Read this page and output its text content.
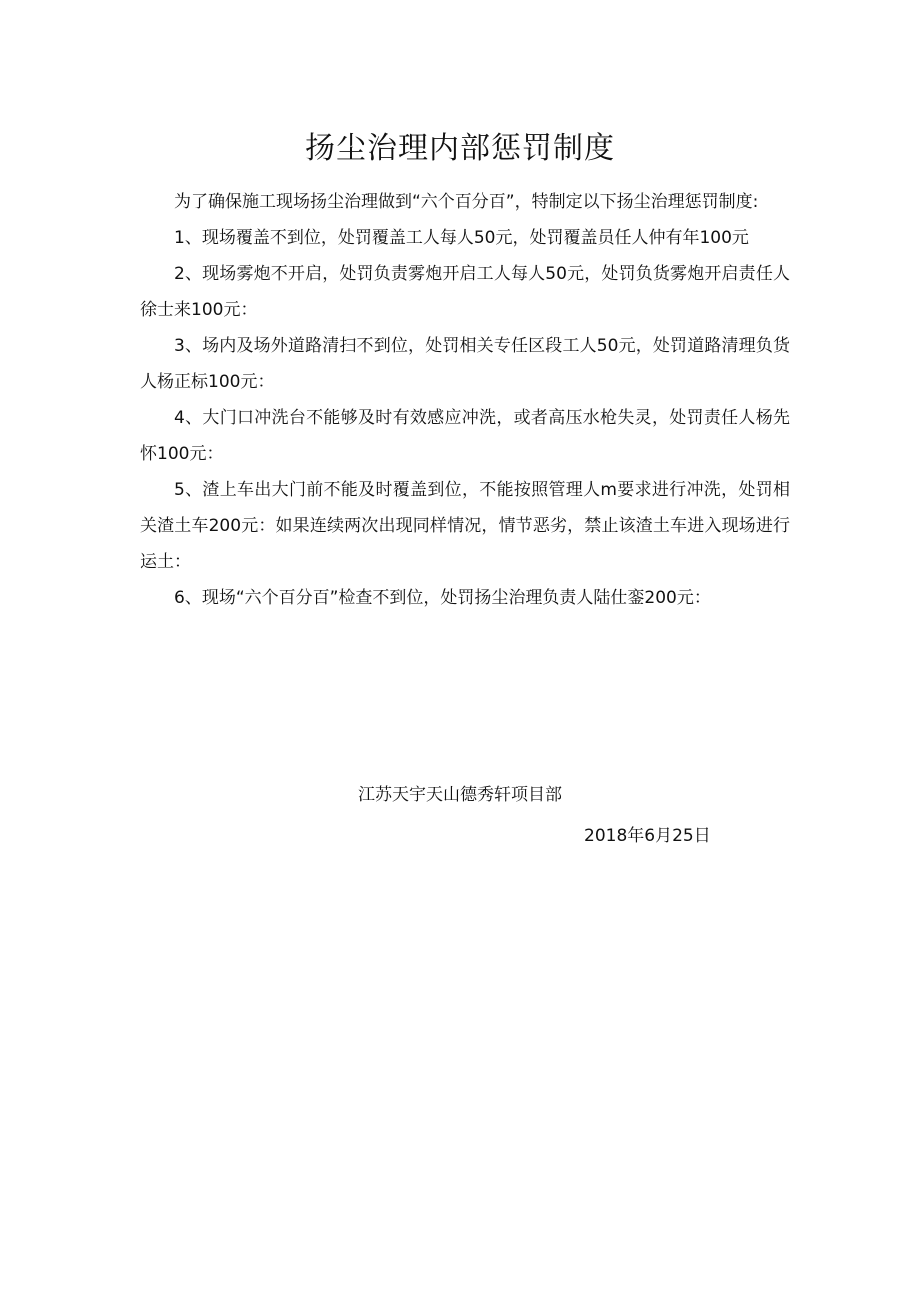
扬尘治理内部惩罚制度

为了确保施工现场扬尘治理做到“六个百分百”，特制定以下扬尘治理惩罚制度:

1、现场覆盖不到位，处罚覆盖工人每人50元，处罚覆盖员任人仲有年100元

2、现场雾炮不开启，处罚负责雾炮开启工人每人50元，处罚负货雾炮开启责任人徐士来100元：

3、场内及场外道路清扫不到位，处罚相关专任区段工人50元，处罚道路清理负货人杨正标100元：

4、大门口冲洗台不能够及时有效感应冲洗，或者高压水枪失灵，处罚责任人杨先怀100元：

5、渣上车出大门前不能及时覆盖到位，不能按照管理人m要求进行冲洗，处罚相关渣土车200元：如果连续两次出现同样情况，情节恶劣，禁止该渣土车进入现场进行运土：

6、现场“六个百分百”检查不到位，处罚扬尘治理负责人陆仕銮200元：

江苏天宇天山德秀轩项目部

2018年6月25日
